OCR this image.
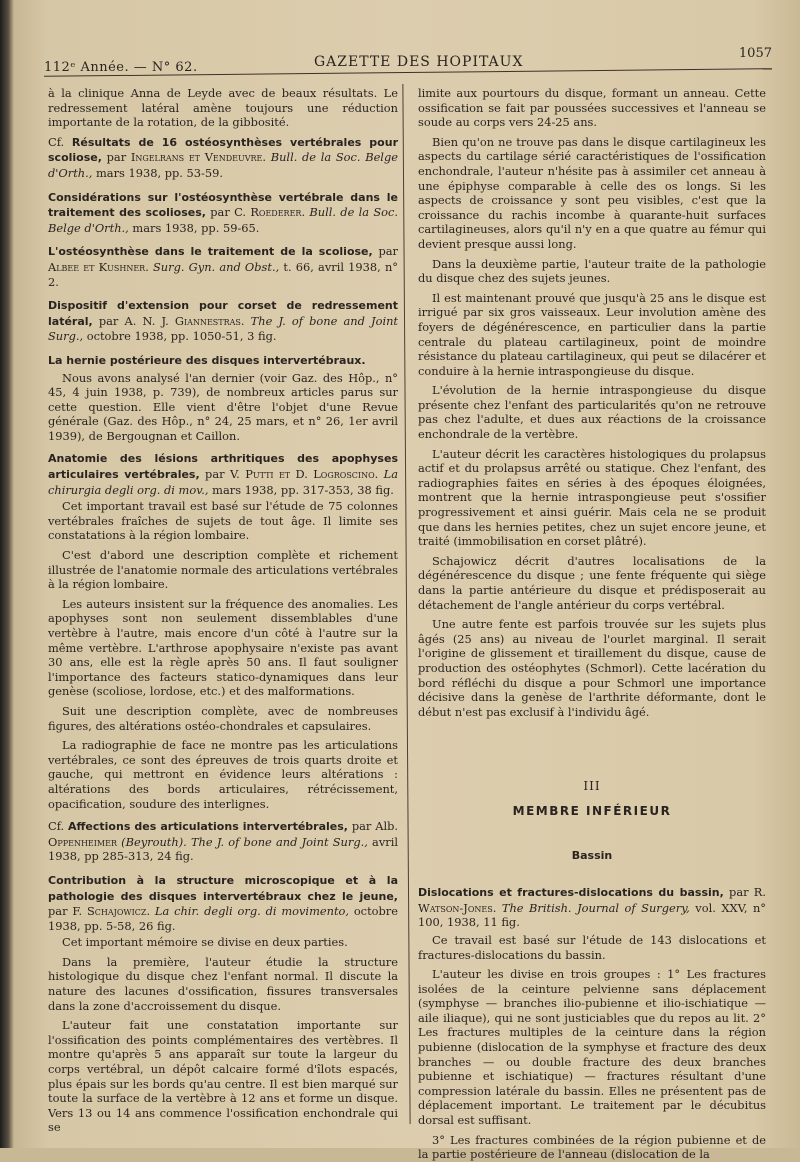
112ᵉ Année. — N° 62.	GAZETTE DES HOPITAUX
1057

à la clinique Anna de Leyde avec de beaux résultats. Le redressement latéral amène toujours une réduction importante de la rotation, de la gibbosité.

Cf. Résultats de 16 ostéosynthèses vertébrales pour scoliose, par Ingelrans et Vendeuvre. Bull. de la Soc. Belge d'Orth., mars 1938, pp. 53-59.
Considérations sur l'ostéosynthèse vertébrale dans le traitement des scolioses, par C. Roederer. Bull. de la Soc. Belge d'Orth., mars 1938, pp. 59-65.
L'ostéosynthèse dans le traitement de la scoliose, par Albee et Kushner. Surg. Gyn. and Obst., t. 66, avril 1938, n° 2.
Dispositif d'extension pour corset de redressement latéral, par A. N. J. Giannestras. The J. of bone and Joint Surg., octobre 1938, pp. 1050-51, 3 fig.
La hernie postérieure des disques intervertébraux.

Nous avons analysé l'an dernier (voir Gaz. des Hôp., n° 45, 4 juin 1938, p. 739), de nombreux articles parus sur cette question. Elle vient d'être l'objet d'une Revue générale (Gaz. des Hôp., n° 24, 25 mars, et n° 26, 1er avril 1939), de Bergougnan et Caillon.

Anatomie des lésions arthritiques des apophyses articulaires vertébrales, par V. Putti et D. Logroscino. La chirurgia degli org. di mov., mars 1938, pp. 317-353, 38 fig.

Cet important travail est basé sur l'étude de 75 colonnes vertébrales fraîches de sujets de tout âge. Il limite ses constatations à la région lombaire.

C'est d'abord une description complète et richement illustrée de l'anatomie normale des articulations vertébrales à la région lombaire.

Les auteurs insistent sur la fréquence des anomalies. Les apophyses sont non seulement dissemblables d'une vertèbre à l'autre, mais encore d'un côté à l'autre sur la même vertèbre. L'arthrose apophysaire n'existe pas avant 30 ans, elle est la règle après 50 ans. Il faut souligner l'importance des facteurs statico-dynamiques dans leur genèse (scoliose, lordose, etc.) et des malformations.

Suit une description complète, avec de nombreuses figures, des altérations ostéo-chondrales et capsulaires.

La radiographie de face ne montre pas les articulations vertébrales, ce sont des épreuves de trois quarts droite et gauche, qui mettront en évidence leurs altérations : altérations des bords articulaires, rétrécissement, opacification, soudure des interlignes.

Cf. Affections des articulations intervertébrales, par Alb. Oppenheimer (Beyrouth). The J. of bone and Joint Surg., avril 1938, pp 285-313, 24 fig.
Contribution à la structure microscopique et à la pathologie des disques intervertébraux chez le jeune, par F. Schajowicz. La chir. degli org. di movimento, octobre 1938, pp. 5-58, 26 fig.

Cet important mémoire se divise en deux parties.

Dans la première, l'auteur étudie la structure histologique du disque chez l'enfant normal. Il discute la nature des lacunes d'ossification, fissures transversales dans la zone d'accroissement du disque.

L'auteur fait une constatation importante sur l'ossification des points complémentaires des vertèbres. Il montre qu'après 5 ans apparaît sur toute la largeur du corps vertébral, un dépôt calcaire formé d'îlots espacés, plus épais sur les bords qu'au centre. Il est bien marqué sur toute la surface de la vertèbre à 12 ans et forme un disque. Vers 13 ou 14 ans commence l'ossification enchondrale qui se

limite aux pourtours du disque, formant un anneau. Cette ossification se fait par poussées successives et l'anneau se soude au corps vers 24-25 ans.

Bien qu'on ne trouve pas dans le disque cartilagineux les aspects du cartilage sérié caractéristiques de l'ossification enchondrale, l'auteur n'hésite pas à assimiler cet anneau à une épiphyse comparable à celle des os longs. Si les aspects de croissance y sont peu visibles, c'est que la croissance du rachis incombe à quarante-huit surfaces cartilagineuses, alors qu'il n'y en a que quatre au fémur qui devient presque aussi long.

Dans la deuxième partie, l'auteur traite de la pathologie du disque chez des sujets jeunes.

Il est maintenant prouvé que jusqu'à 25 ans le disque est irrigué par six gros vaisseaux. Leur involution amène des foyers de dégénérescence, en particulier dans la partie centrale du plateau cartilagineux, point de moindre résistance du plateau cartilagineux, qui peut se dilacérer et conduire à la hernie intraspongieuse du disque.

L'évolution de la hernie intraspongieuse du disque présente chez l'enfant des particularités qu'on ne retrouve pas chez l'adulte, et dues aux réactions de la croissance enchondrale de la vertèbre.

L'auteur décrit les caractères histologiques du prolapsus actif et du prolapsus arrêté ou statique. Chez l'enfant, des radiographies faites en séries à des époques éloignées, montrent que la hernie intraspongieuse peut s'ossifier progressivement et ainsi guérir. Mais cela ne se produit que dans les hernies petites, chez un sujet encore jeune, et traité (immobilisation en corset plâtré).

Schajowicz décrit d'autres localisations de la dégénérescence du disque ; une fente fréquente qui siège dans la partie antérieure du disque et prédisposerait au détachement de l'angle antérieur du corps vertébral.

Une autre fente est parfois trouvée sur les sujets plus âgés (25 ans) au niveau de l'ourlet marginal. Il serait l'origine de glissement et tiraillement du disque, cause de production des ostéophytes (Schmorl). Cette lacération du bord réfléchi du disque a pour Schmorl une importance décisive dans la genèse de l'arthrite déformante, dont le début n'est pas exclusif à l'individu âgé.

III
MEMBRE INFÉRIEUR
Bassin
Dislocations et fractures-dislocations du bassin, par R. Watson-Jones. The British. Journal of Surgery, vol. XXV, n° 100, 1938, 11 fig.

Ce travail est basé sur l'étude de 143 dislocations et fractures-dislocations du bassin.

L'auteur les divise en trois groupes : 1° Les fractures isolées de la ceinture pelvienne sans déplacement (symphyse — branches ilio-pubienne et ilio-ischiatique — aile iliaque), qui ne sont justiciables que du repos au lit. 2° Les fractures multiples de la ceinture dans la région pubienne (dislocation de la symphyse et fracture des deux branches — ou double fracture des deux branches pubienne et ischiatique) — fractures résultant d'une compression latérale du bassin. Elles ne présentent pas de déplacement important. Le traitement par le décubitus dorsal est suffisant.

3° Les fractures combinées de la région pubienne et de la partie postérieure de l'anneau (dislocation de la
